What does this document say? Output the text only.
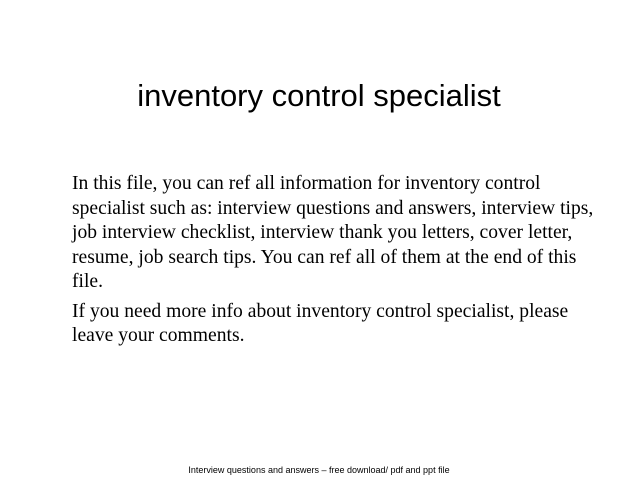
inventory control specialist

In this file, you can ref all information for inventory control specialist such as: interview questions and answers, interview tips, job interview checklist, interview thank you letters, cover letter, resume, job search tips. You can ref all of them at the end of this file.

If you need more info about inventory control specialist, please leave your comments.

Interview questions and answers – free download/ pdf and ppt file
